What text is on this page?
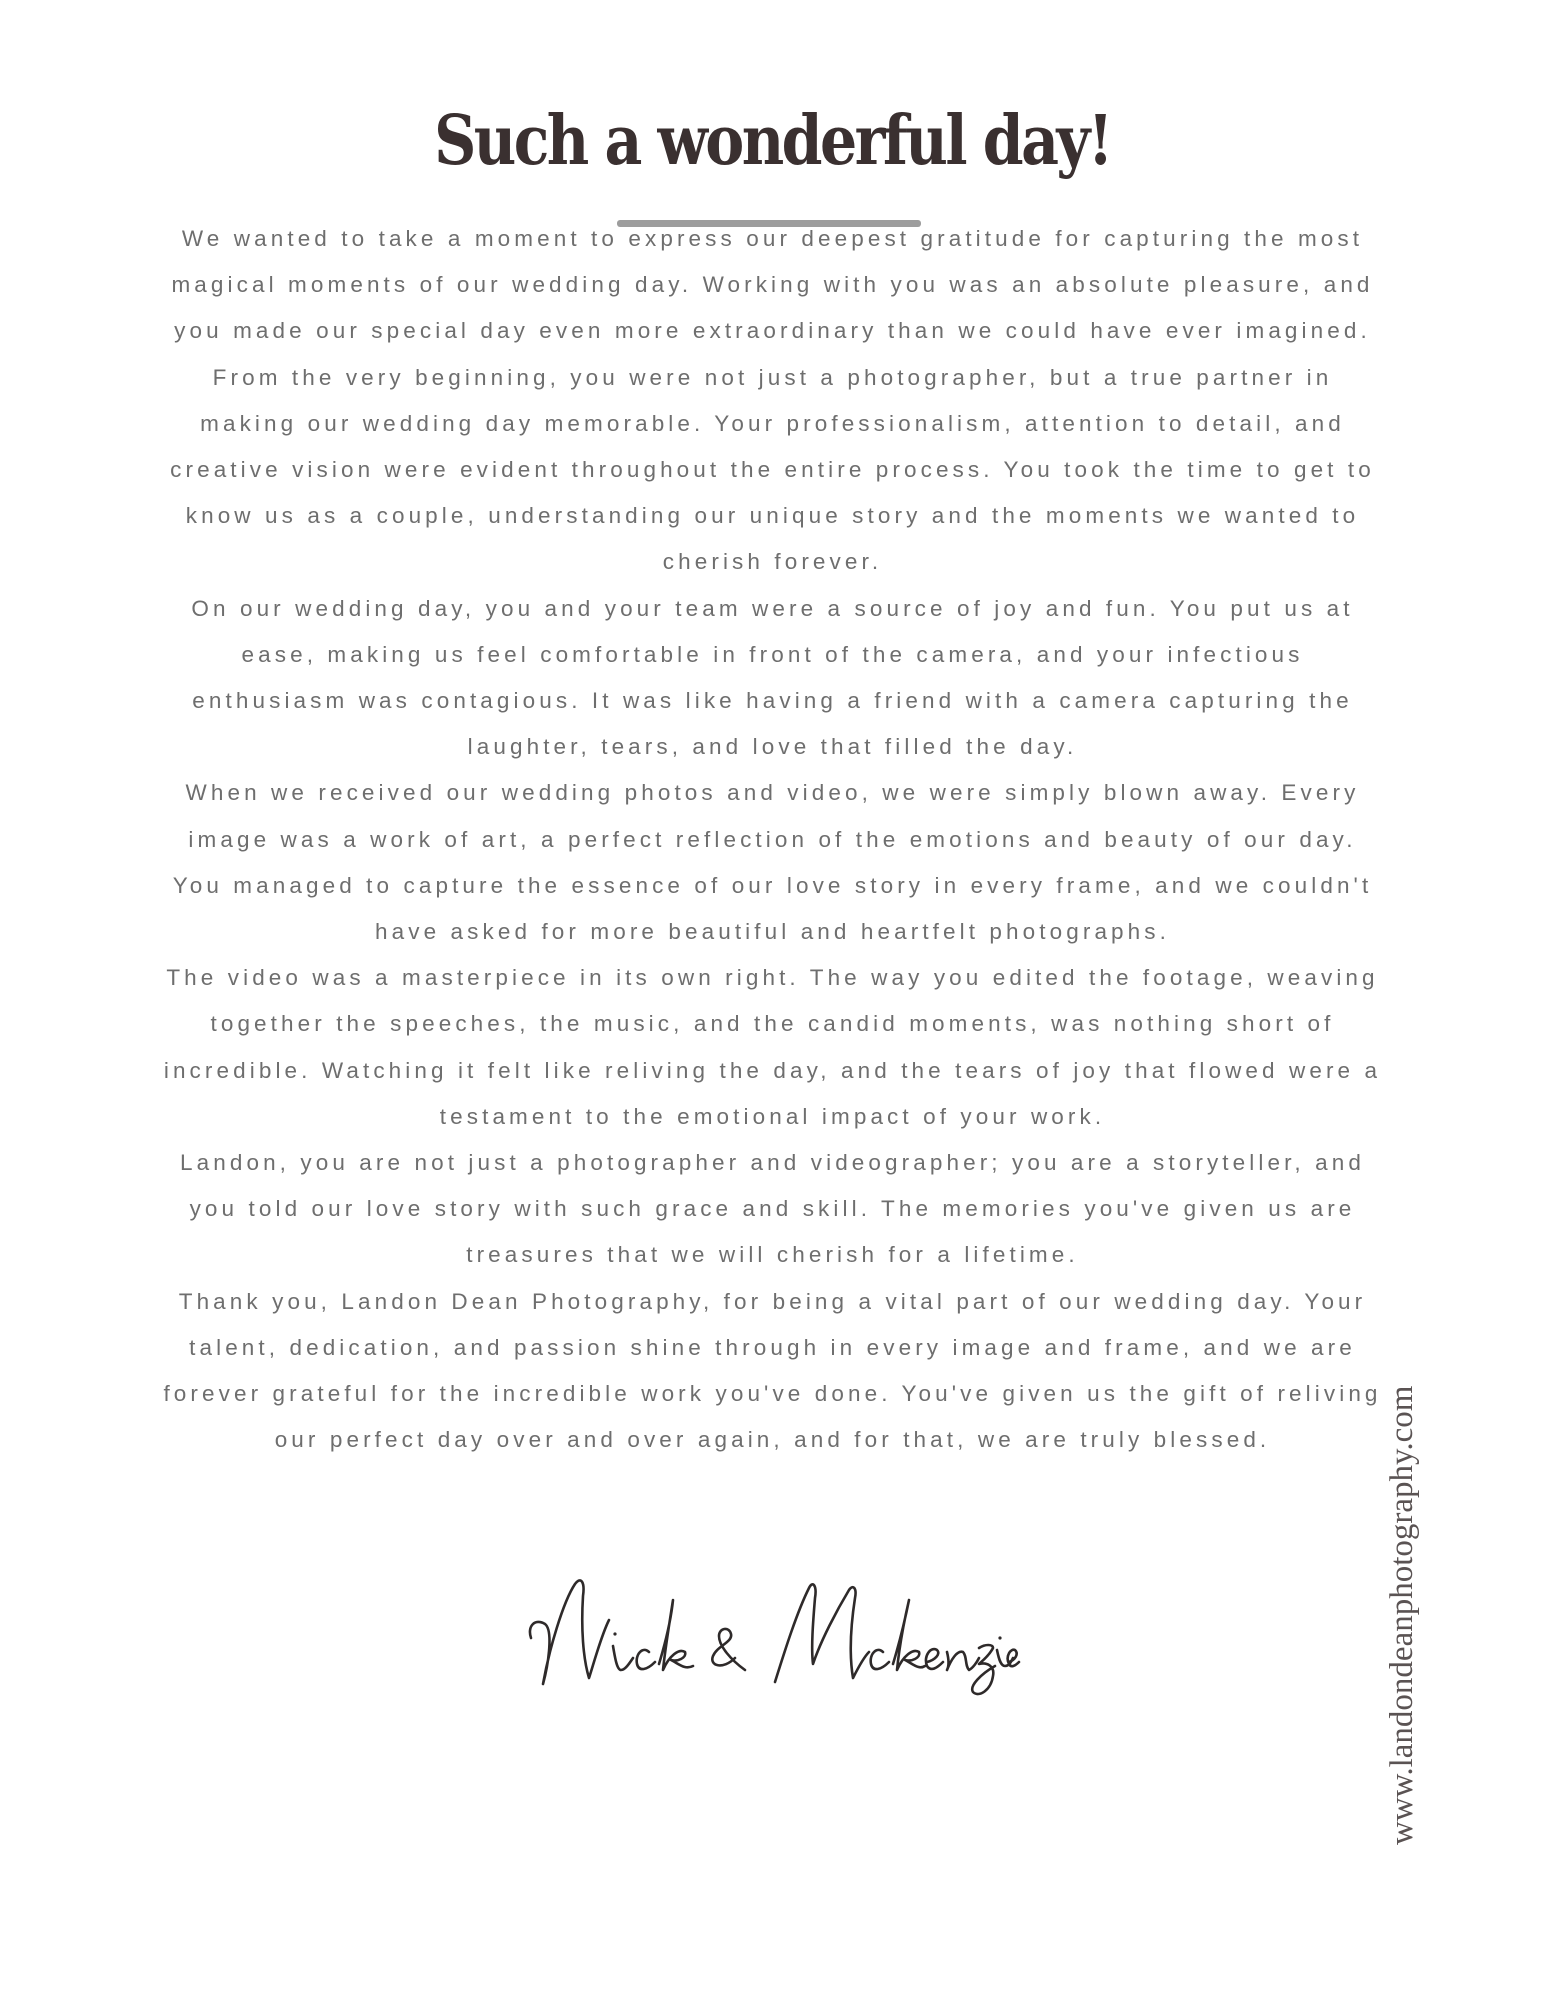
Such a wonderful day!

We wanted to take a moment to express our deepest gratitude for capturing the most magical moments of our wedding day. Working with you was an absolute pleasure, and you made our special day even more extraordinary than we could have ever imagined.

From the very beginning, you were not just a photographer, but a true partner in making our wedding day memorable. Your professionalism, attention to detail, and creative vision were evident throughout the entire process. You took the time to get to know us as a couple, understanding our unique story and the moments we wanted to cherish forever.

On our wedding day, you and your team were a source of joy and fun. You put us at ease, making us feel comfortable in front of the camera, and your infectious enthusiasm was contagious. It was like having a friend with a camera capturing the laughter, tears, and love that filled the day.

When we received our wedding photos and video, we were simply blown away. Every image was a work of art, a perfect reflection of the emotions and beauty of our day. You managed to capture the essence of our love story in every frame, and we couldn't have asked for more beautiful and heartfelt photographs.

The video was a masterpiece in its own right. The way you edited the footage, weaving together the speeches, the music, and the candid moments, was nothing short of incredible. Watching it felt like reliving the day, and the tears of joy that flowed were a testament to the emotional impact of your work.

Landon, you are not just a photographer and videographer; you are a storyteller, and you told our love story with such grace and skill. The memories you've given us are treasures that we will cherish for a lifetime.

Thank you, Landon Dean Photography, for being a vital part of our wedding day. Your talent, dedication, and passion shine through in every image and frame, and we are forever grateful for the incredible work you've done. You've given us the gift of reliving our perfect day over and over again, and for that, we are truly blessed.	www.landondeanphotography.com
